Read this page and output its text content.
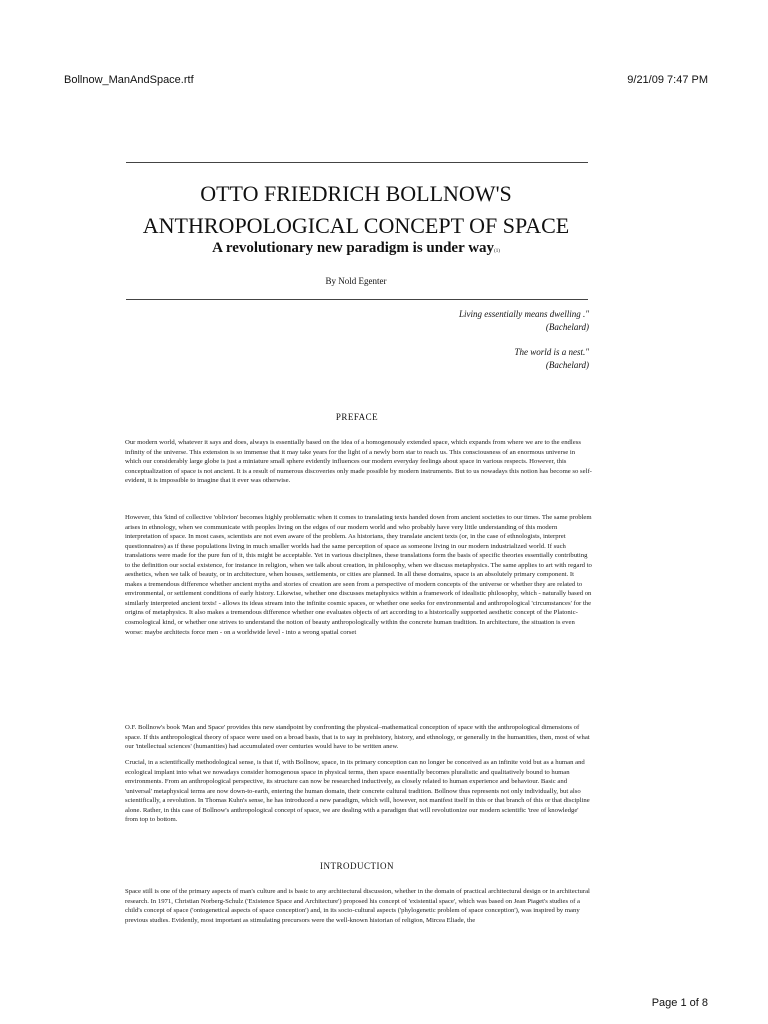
Bollnow_ManAndSpace.rtf	9/21/09 7:47 PM
OTTO FRIEDRICH BOLLNOW'S
ANTHROPOLOGICAL CONCEPT OF SPACE
A revolutionary new paradigm is under way(1)
By Nold Egenter
Living essentially means dwelling ."
(Bachelard)
The world is a nest."
(Bachelard)
PREFACE

Our modern world, whatever it says and does, always is essentially based on the idea of a homogenously extended space, which expands from where we are to the endless infinity of the universe. This extension is so immense that it may take years for the light of a newly born star to reach us. This consciousness of an enormous universe in which our considerably large globe is just a miniature small sphere evidently influences our modern everyday feelings about space in various respects. However, this conceptualization of space is not ancient. It is a result of numerous discoveries only made possible by modern instruments. But to us nowadays this notion has become so self-evident, it is impossible to imagine that it ever was otherwise.

However, this 'kind of collective 'oblivion' becomes highly problematic when it comes to translating texts handed down from ancient societies to our times. The same problem arises in ethnology, when we communicate with peoples living on the edges of our modern world and who probably have very little understanding of this modern interpretation of space. In most cases, scientists are not even aware of the problem. As historians, they translate ancient texts (or, in the case of ethnologists, interpret questionnaires) as if these populations living in much smaller worlds had the same perception of space as someone living in our modern industrialized world. If such translations were made for the pure fun of it, this might be acceptable. Yet in various disciplines, these translations form the basis of specific theories essentially contributing to the definition our social existence, for instance in religion, when we talk about creation, in philosophy, when we discuss metaphysics. The same applies to art with regard to aesthetics, when we talk of beauty, or in architecture, when houses, settlements, or cities are planned. In all these domains, space is an absolutely primary component. It makes a tremendous difference whether ancient myths and stories of creation are seen from a perspective of modern concepts of the universe or whether they are related to environmental, or settlement conditions of early history. Likewise, whether one discusses metaphysics within a framework of idealistic philosophy, which - naturally based on similarly interpreted ancient texts! - allows its ideas stream into the infinite cosmic spaces, or whether one seeks for environmental and anthropological 'circumstances' for the origins of metaphysics. It also makes a tremendous difference whether one evaluates objects of art according to a historically supported aesthetic concept of the Platonic-cosmological kind, or whether one strives to understand the notion of beauty anthropologically within the concrete human tradition. In architecture, the situation is even worse: maybe architects force men - on a worldwide level - into a wrong spatial corset

O.F. Bollnow's book 'Man and Space' provides this new standpoint by confronting the physical–mathematical conception of space with the anthropological dimensions of space. If this anthropological theory of space were used on a broad basis, that is to say in prehistory, history, and ethnology, or generally in the humanities, then, most of what our 'intellectual sciences' (humanities) had accumulated over centuries would have to be written anew.

Crucial, in a scientifically methodological sense, is that if, with Bollnow, space, in its primary conception can no longer be conceived as an infinite void but as a human and ecological implant into what we nowadays consider homogenous space in physical terms, then space essentially becomes pluralistic and qualitatively bound to human environments. From an anthropological perspective, its structure can now be researched inductively, as closely related to human experience and behaviour. Basic and 'universal' metaphysical terms are now down-to-earth, entering the human domain, their concrete cultural tradition. Bollnow thus represents not only individually, but also scientifically, a revolution. In Thomas Kuhn's sense, he has introduced a new paradigm, which will, however, not manifest itself in this or that branch of this or that discipline alone. Rather, in this case of Bollnow's anthropological concept of space, we are dealing with a paradigm that will revolutionize our modern scientific 'tree of knowledge' from top to bottom.

INTRODUCTION

Space still is one of the primary aspects of man's culture and is basic to any architectural discussion, whether in the domain of practical architectural design or in architectural research. In 1971, Christian Norberg-Schulz ('Existence Space and Architecture') proposed his concept of 'existential space', which was based on Jean Piaget's studies of a child's concept of space ('ontogenetical aspects of space conception') and, in its socio-cultural aspects ('phylogenetic problem of space conception'), was inspired by many previous studies. Evidently, most important as stimulating precursors were the well-known historian of religion, Mircea Eliade, the

Page 1 of 8
